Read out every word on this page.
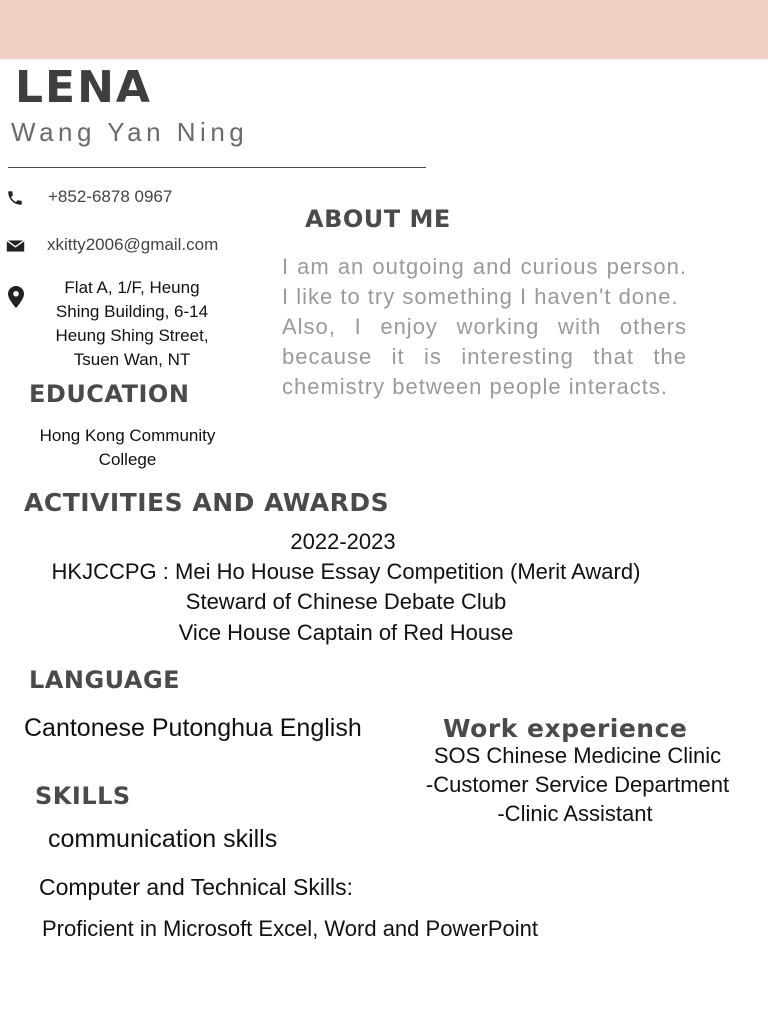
LENA
Wang Yan Ning
+852-6878 0967
xkitty2006@gmail.com
Flat A, 1/F, Heung
Shing Building, 6-14
Heung Shing Street,
Tsuen Wan, NT
ABOUT ME

I am an outgoing and curious person. I like to try something I haven't done.

Also, I enjoy working with others because it is interesting that the chemistry between people interacts.

EDUCATION
Hong Kong Community
College
ACTIVITIES AND AWARDS
2022-2023
HKJCCPG : Mei Ho House Essay Competition (Merit Award)
Steward of Chinese Debate Club
Vice House Captain of Red House
LANGUAGE
Cantonese Putonghua English	Work experience
SOS Chinese Medicine Clinic
-Customer Service Department
-Clinic Assistant
SKILLS
communication skills
Computer and Technical Skills:
Proficient in Microsoft Excel, Word and PowerPoint
